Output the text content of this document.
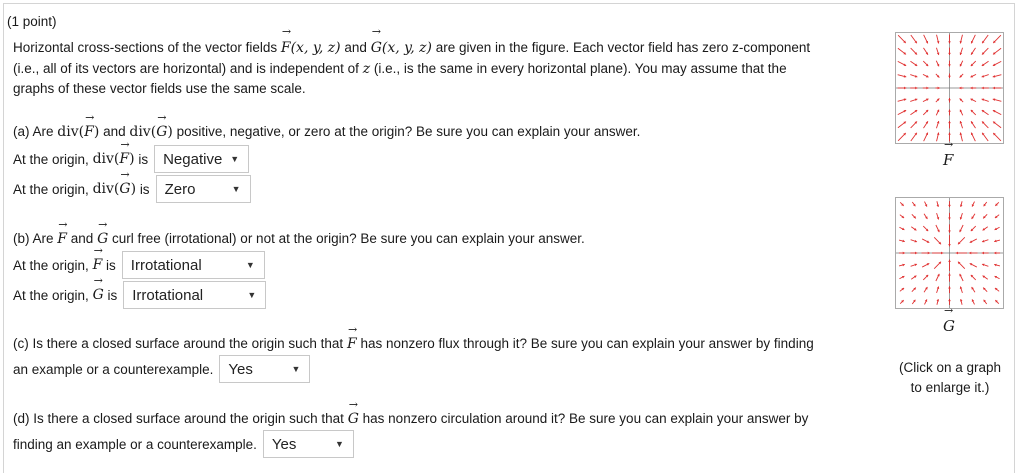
(1 point)
Horizontal cross-sections of the vector fields → F(x, y, z) and → G(x, y, z) are given in the figure. Each vector field has zero z-component
(i.e., all of its vectors are horizontal) and is independent of z (i.e., is the same in every horizontal plane). You may assume that the
graphs of these vector fields use the same scale.
(a) Are div(→ F) and div(→ G) positive, negative, or zero at the origin? Be sure you can explain your answer.
At the origin,
div ( → F )
is Negative ▼
At the origin,
div ( → G )
is Zero	▼
(b) Are → F and → G curl free (irrotational) or not at the origin? Be sure you can explain your answer.
At the origin,
→ F
is Irrotational	▼
At the origin,
→ G
is Irrotational	▼
(c) Is there a closed surface around the origin such that → F has nonzero flux through it? Be sure you can explain your answer by finding
an example or a counterexample. Yes	▼
(d) Is there a closed surface around the origin such that → G has nonzero circulation around it? Be sure you can explain your answer by
finding an example or a counterexample. Yes	▼
→ F
→ G
(Click on a graph
to enlarge it.)
